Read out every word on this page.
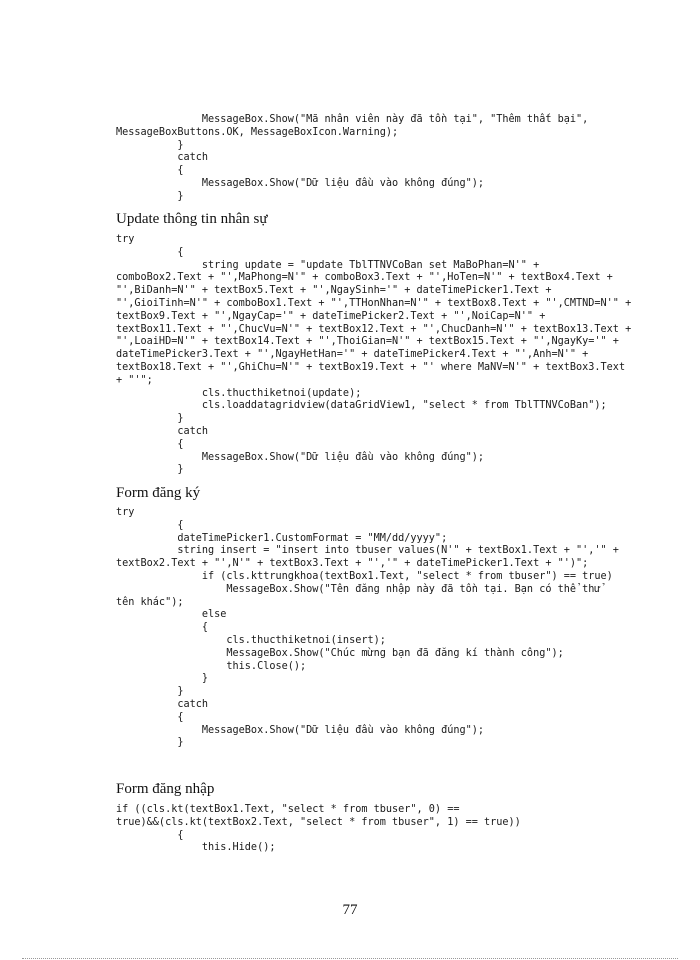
MessageBox.Show("Mã nhân viên này đã tồn tại", "Thêm thất bại",
MessageBoxButtons.OK, MessageBoxIcon.Warning);
}
catch
{
MessageBox.Show("Dữ liệu đầu vào không đúng");
}
Update thông tin nhân sự
try
{
string update = "update TblTTNVCoBan set MaBoPhan=N'" +
comboBox2.Text + "',MaPhong=N'" + comboBox3.Text + "',HoTen=N'" + textBox4.Text +
"',BiDanh=N'" + textBox5.Text + "',NgaySinh='" + dateTimePicker1.Text +
"',GioiTinh=N'" + comboBox1.Text + "',TTHonNhan=N'" + textBox8.Text + "',CMTND=N'" +
textBox9.Text + "',NgayCap='" + dateTimePicker2.Text + "',NoiCap=N'" +
textBox11.Text + "',ChucVu=N'" + textBox12.Text + "',ChucDanh=N'" + textBox13.Text +
"',LoaiHD=N'" + textBox14.Text + "',ThoiGian=N'" + textBox15.Text + "',NgayKy='" +
dateTimePicker3.Text + "',NgayHetHan='" + dateTimePicker4.Text + "',Anh=N'" +
textBox18.Text + "',GhiChu=N'" + textBox19.Text + "' where MaNV=N'" + textBox3.Text
+ "'";
cls.thucthiketnoi(update);
cls.loaddatagridview(dataGridView1, "select * from TblTTNVCoBan");
}
catch
{
MessageBox.Show("Dữ liệu đầu vào không đúng");
}
Form đăng ký
try
{
dateTimePicker1.CustomFormat = "MM/dd/yyyy";
string insert = "insert into tbuser values(N'" + textBox1.Text + "','" +
textBox2.Text + "',N'" + textBox3.Text + "','" + dateTimePicker1.Text + "')";
if (cls.kttrungkhoa(textBox1.Text, "select * from tbuser") == true)
MessageBox.Show("Tên đăng nhập này đã tồn tại. Bạn có thể thử
tên khác");
else
{
cls.thucthiketnoi(insert);
MessageBox.Show("Chúc mừng bạn đã đăng kí thành công");
this.Close();
}
}
catch
{
MessageBox.Show("Dữ liệu đầu vào không đúng");
}
Form đăng nhập
if ((cls.kt(textBox1.Text, "select * from tbuser", 0) ==
true)&&(cls.kt(textBox2.Text, "select * from tbuser", 1) == true))
{
this.Hide();
77
